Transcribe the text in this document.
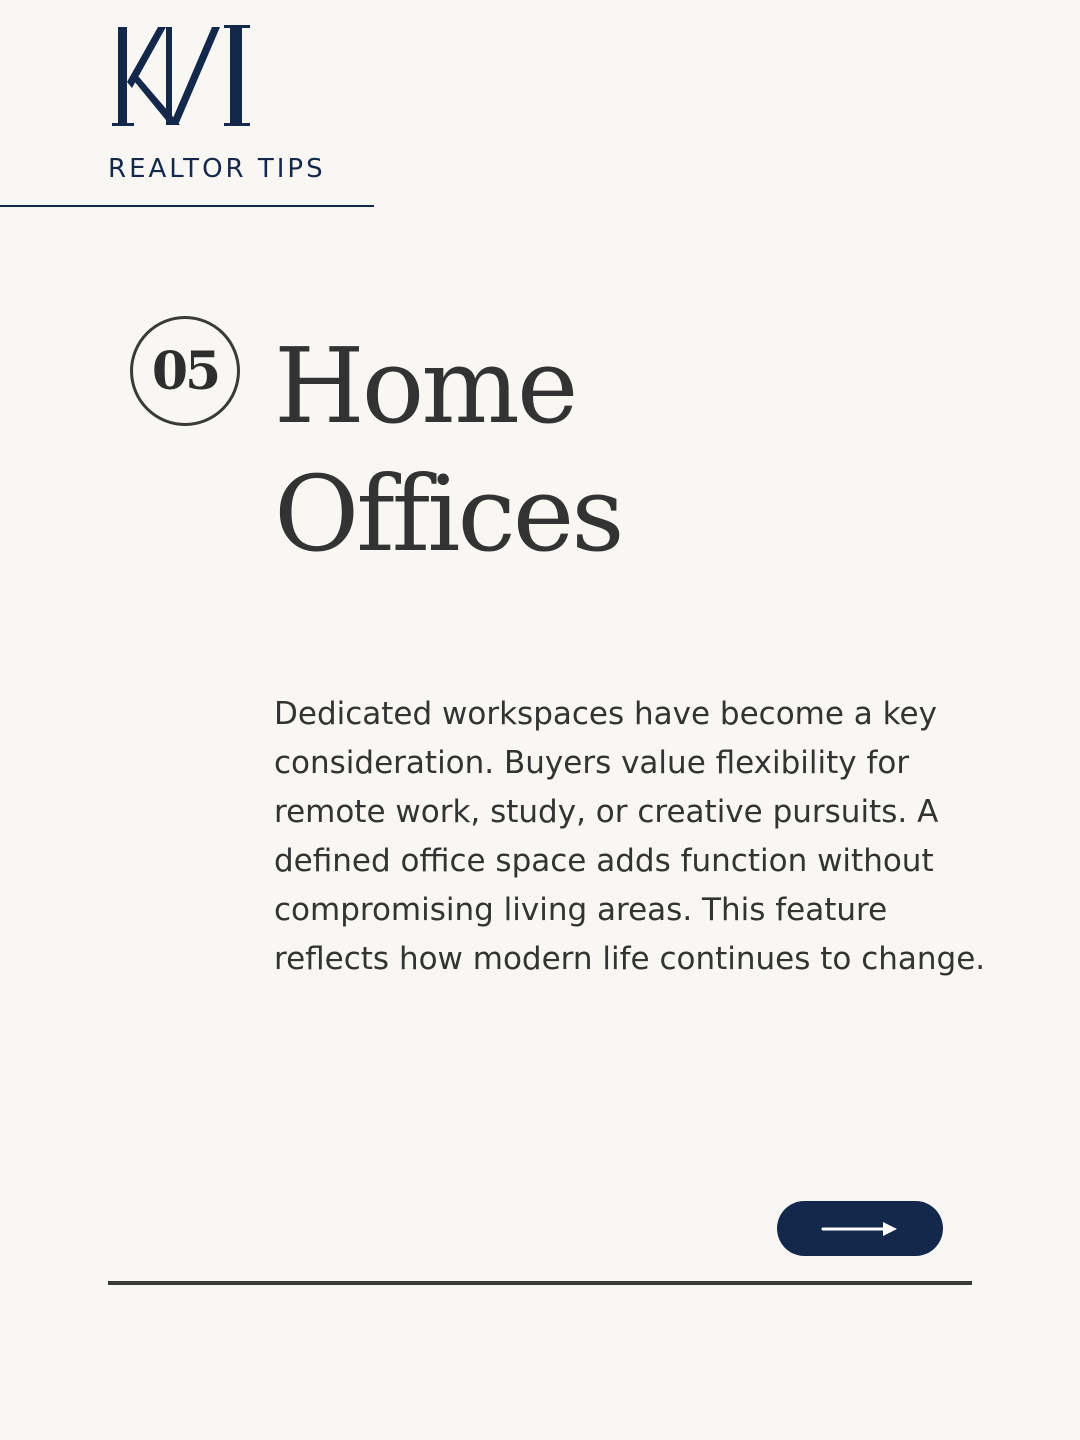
REALTOR TIPS
05 Home
Offices

Dedicated workspaces have become a key consideration. Buyers value flexibility for remote work, study, or creative pursuits. A defined office space adds function without compromising living areas. This feature reflects how modern life continues to change.
